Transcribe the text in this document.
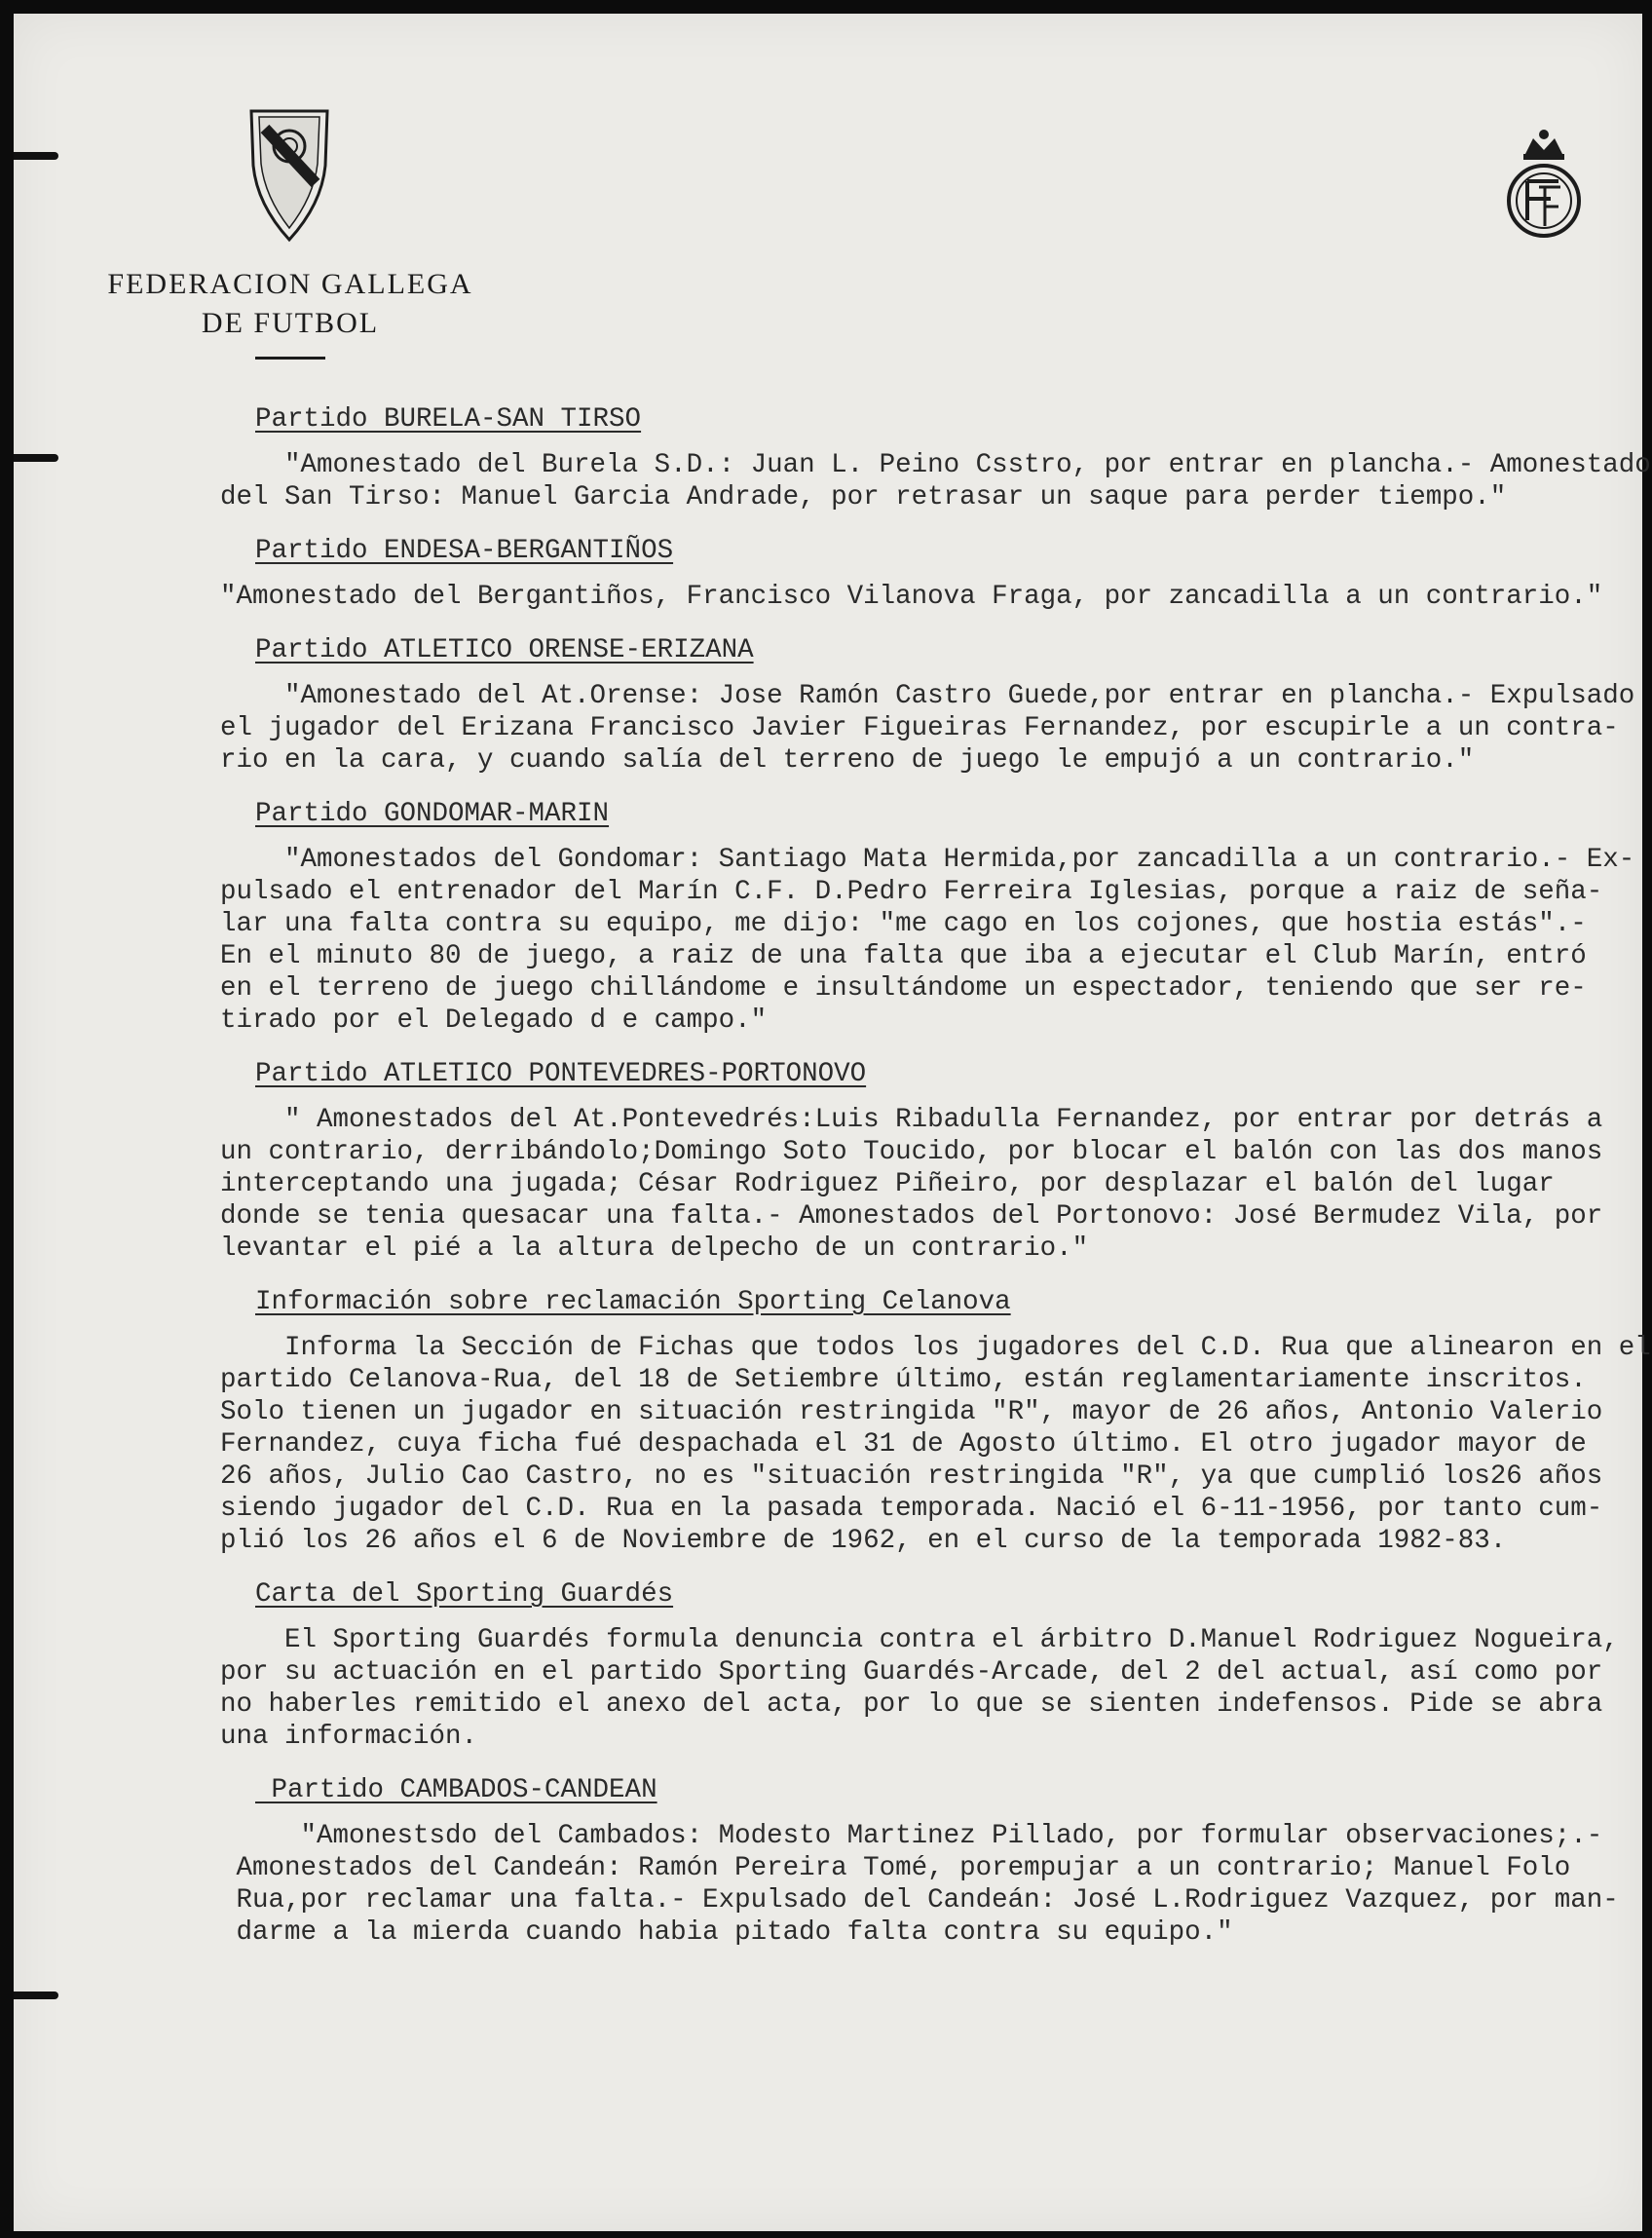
FEDERACION GALLEGA
DE FUTBOL
Partido BURELA-SAN TIRSO
"Amonestado del Burela S.D.: Juan L. Peino Csstro, por entrar en plancha.- Amonestado
del San Tirso: Manuel Garcia Andrade, por retrasar un saque para perder tiempo."
Partido ENDESA-BERGANTIÑOS
"Amonestado del Bergantiños, Francisco Vilanova Fraga, por zancadilla a un contrario."
Partido ATLETICO ORENSE-ERIZANA
"Amonestado del At.Orense: Jose Ramón Castro Guede,por entrar en plancha.- Expulsado
el jugador del Erizana Francisco Javier Figueiras Fernandez, por escupirle a un contra-
rio en la cara, y cuando salía del terreno de juego le empujó a un contrario."
Partido GONDOMAR-MARIN
"Amonestados del Gondomar: Santiago Mata Hermida,por zancadilla a un contrario.- Ex-
pulsado el entrenador del Marín C.F. D.Pedro Ferreira Iglesias, porque a raiz de seña-
lar una falta contra su equipo, me dijo: "me cago en los cojones, que hostia estás".-
En el minuto 80 de juego, a raiz de una falta que iba a ejecutar el Club Marín, entró
en el terreno de juego chillándome e insultándome un espectador, teniendo que ser re-
tirado por el Delegado d e campo."
Partido ATLETICO PONTEVEDRES-PORTONOVO
" Amonestados del At.Pontevedrés:Luis Ribadulla Fernandez, por entrar por detrás a
un contrario, derribándolo;Domingo Soto Toucido, por blocar el balón con las dos manos
interceptando una jugada; César Rodriguez Piñeiro, por desplazar el balón del lugar
donde se tenia quesacar una falta.- Amonestados del Portonovo: José Bermudez Vila, por
levantar el pié a la altura delpecho de un contrario."
Información sobre reclamación Sporting Celanova
Informa la Sección de Fichas que todos los jugadores del C.D. Rua que alinearon en el
partido Celanova-Rua, del 18 de Setiembre último, están reglamentariamente inscritos.
Solo tienen un jugador en situación restringida "R", mayor de 26 años, Antonio Valerio
Fernandez, cuya ficha fué despachada el 31 de Agosto último. El otro jugador mayor de
26 años, Julio Cao Castro, no es "situación restringida "R", ya que cumplió los26 años
siendo jugador del C.D. Rua en la pasada temporada. Nació el 6-11-1956, por tanto cum-
plió los 26 años el 6 de Noviembre de 1962, en el curso de la temporada 1982-83.
Carta del Sporting Guardés
El Sporting Guardés formula denuncia contra el árbitro D.Manuel Rodriguez Nogueira,
por su actuación en el partido Sporting Guardés-Arcade, del 2 del actual, así como por
no haberles remitido el anexo del acta, por lo que se sienten indefensos. Pide se abra
una información.
Partido CAMBADOS-CANDEAN
"Amonestsdo del Cambados: Modesto Martinez Pillado, por formular observaciones;.-
Amonestados del Candeán: Ramón Pereira Tomé, porempujar a un contrario; Manuel Folo
Rua,por reclamar una falta.- Expulsado del Candeán: José L.Rodriguez Vazquez, por man-
darme a la mierda cuando habia pitado falta contra su equipo."
